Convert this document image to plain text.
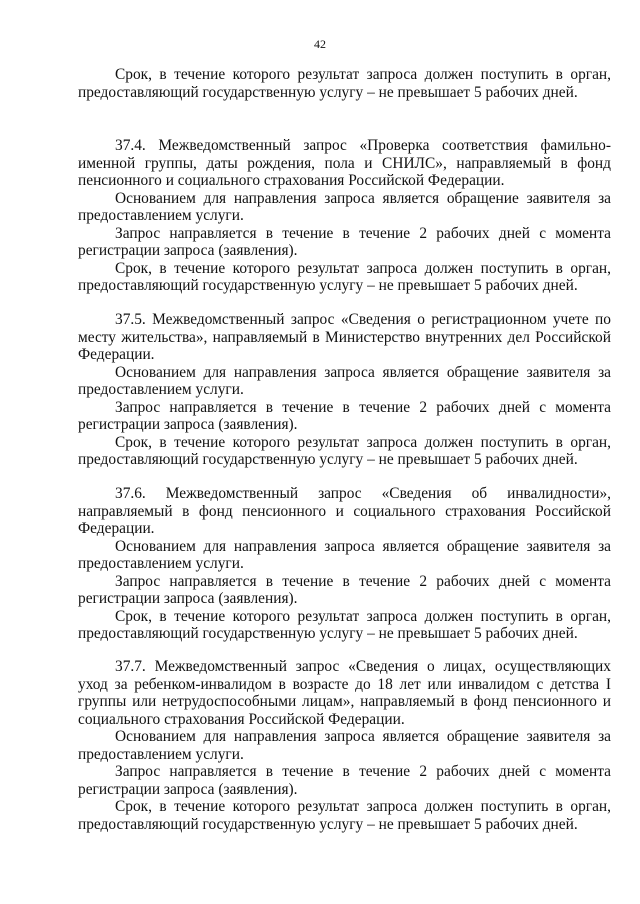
42

Срок, в течение которого результат запроса должен поступить в орган, предоставляющий государственную услугу – не превышает 5 рабочих дней.

37.4. Межведомственный запрос «Проверка соответствия фамильно-именной группы, даты рождения, пола и СНИЛС», направляемый в фонд пенсионного и социального страхования Российской Федерации.

Основанием для направления запроса является обращение заявителя за предоставлением услуги.

Запрос направляется в течение в течение 2 рабочих дней с момента регистрации запроса (заявления).

Срок, в течение которого результат запроса должен поступить в орган, предоставляющий государственную услугу – не превышает 5 рабочих дней.

37.5. Межведомственный запрос «Сведения о регистрационном учете по месту жительства», направляемый в Министерство внутренних дел Российской Федерации.

Основанием для направления запроса является обращение заявителя за предоставлением услуги.

Запрос направляется в течение в течение 2 рабочих дней с момента регистрации запроса (заявления).

Срок, в течение которого результат запроса должен поступить в орган, предоставляющий государственную услугу – не превышает 5 рабочих дней.

37.6. Межведомственный запрос «Сведения об инвалидности», направляемый в фонд пенсионного и социального страхования Российской Федерации.

Основанием для направления запроса является обращение заявителя за предоставлением услуги.

Запрос направляется в течение в течение 2 рабочих дней с момента регистрации запроса (заявления).

Срок, в течение которого результат запроса должен поступить в орган, предоставляющий государственную услугу – не превышает 5 рабочих дней.

37.7. Межведомственный запрос «Сведения о лицах, осуществляющих уход за ребенком-инвалидом в возрасте до 18 лет или инвалидом с детства I группы или нетрудоспособными лицам», направляемый в фонд пенсионного и социального страхования Российской Федерации.

Основанием для направления запроса является обращение заявителя за предоставлением услуги.

Запрос направляется в течение в течение 2 рабочих дней с момента регистрации запроса (заявления).

Срок, в течение которого результат запроса должен поступить в орган, предоставляющий государственную услугу – не превышает 5 рабочих дней.
